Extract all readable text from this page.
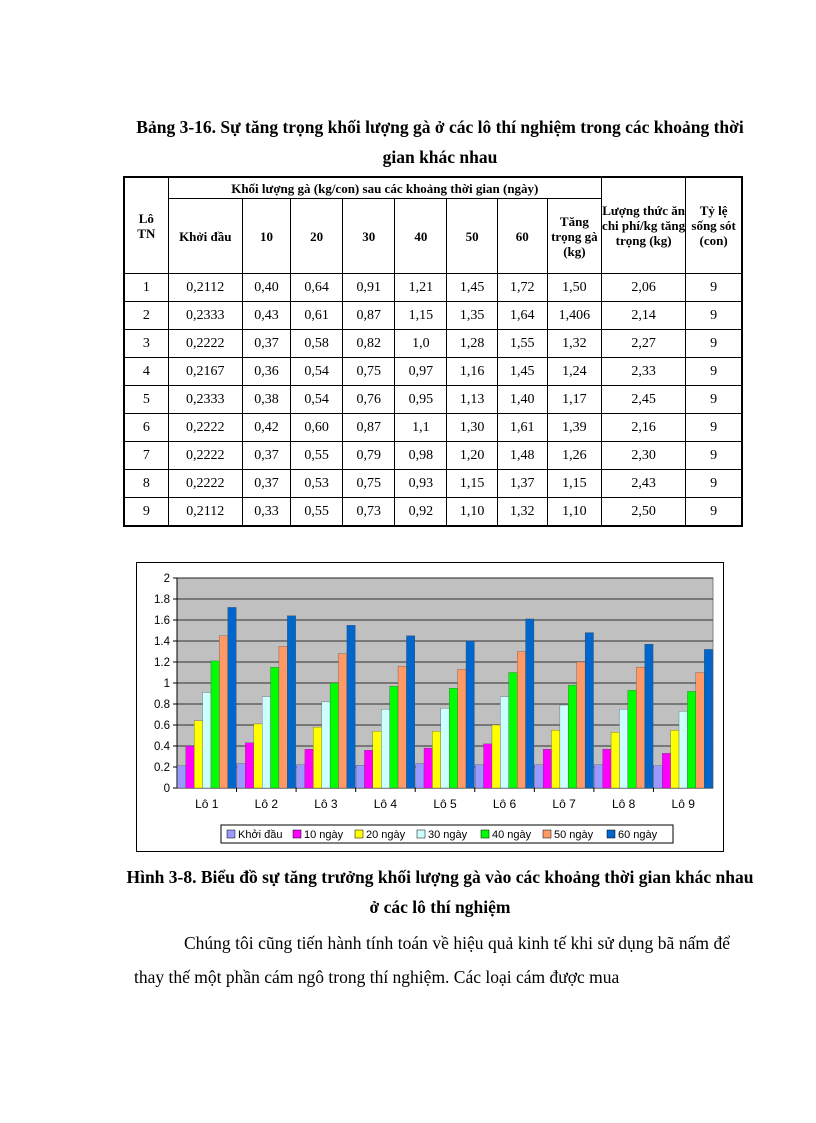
Bảng 3-16. Sự tăng trọng khối lượng gà ở các lô thí nghiệm trong các khoảng thời gian khác nhau
Lô TN	Khối lượng gà (kg/con) sau các khoảng thời gian (ngày)								Lượng thức ăn chi phí/kg tăng trọng (kg)	Tỷ lệ sống sót (con)
	Khởi đầu	10	20	30	40	50	60	Tăng trọng gà (kg)		
1	0,2112	0,40	0,64	0,91	1,21	1,45	1,72	1,50	2,06	9
2	0,2333	0,43	0,61	0,87	1,15	1,35	1,64	1,406	2,14	9
3	0,2222	0,37	0,58	0,82	1,0	1,28	1,55	1,32	2,27	9
4	0,2167	0,36	0,54	0,75	0,97	1,16	1,45	1,24	2,33	9
5	0,2333	0,38	0,54	0,76	0,95	1,13	1,40	1,17	2,45	9
6	0,2222	0,42	0,60	0,87	1,1	1,30	1,61	1,39	2,16	9
7	0,2222	0,37	0,55	0,79	0,98	1,20	1,48	1,26	2,30	9
8	0,2222	0,37	0,53	0,75	0,93	1,15	1,37	1,15	2,43	9
9	0,2112	0,33	0,55	0,73	0,92	1,10	1,32	1,10	2,50	9
0
0.2
0.4
0.6
0.8
1
1.2
1.4
1.6
1.8
2
Lô 1	Lô 2	Lô 3	Lô 4	Lô 5	Lô 6	Lô 7	Lô 8	Lô 9
Khởi đầu 10 ngày 20 ngày 30 ngày 40 ngày 50 ngày 60 ngày
Hình 3-8. Biểu đồ sự tăng trưởng khối lượng gà vào các khoảng thời gian khác nhau ở các lô thí nghiệm
Chúng tôi cũng tiến hành tính toán về hiệu quả kinh tế khi sử dụng bã nấm để thay thế một phần cám ngô trong thí nghiệm. Các loại cám được mua
